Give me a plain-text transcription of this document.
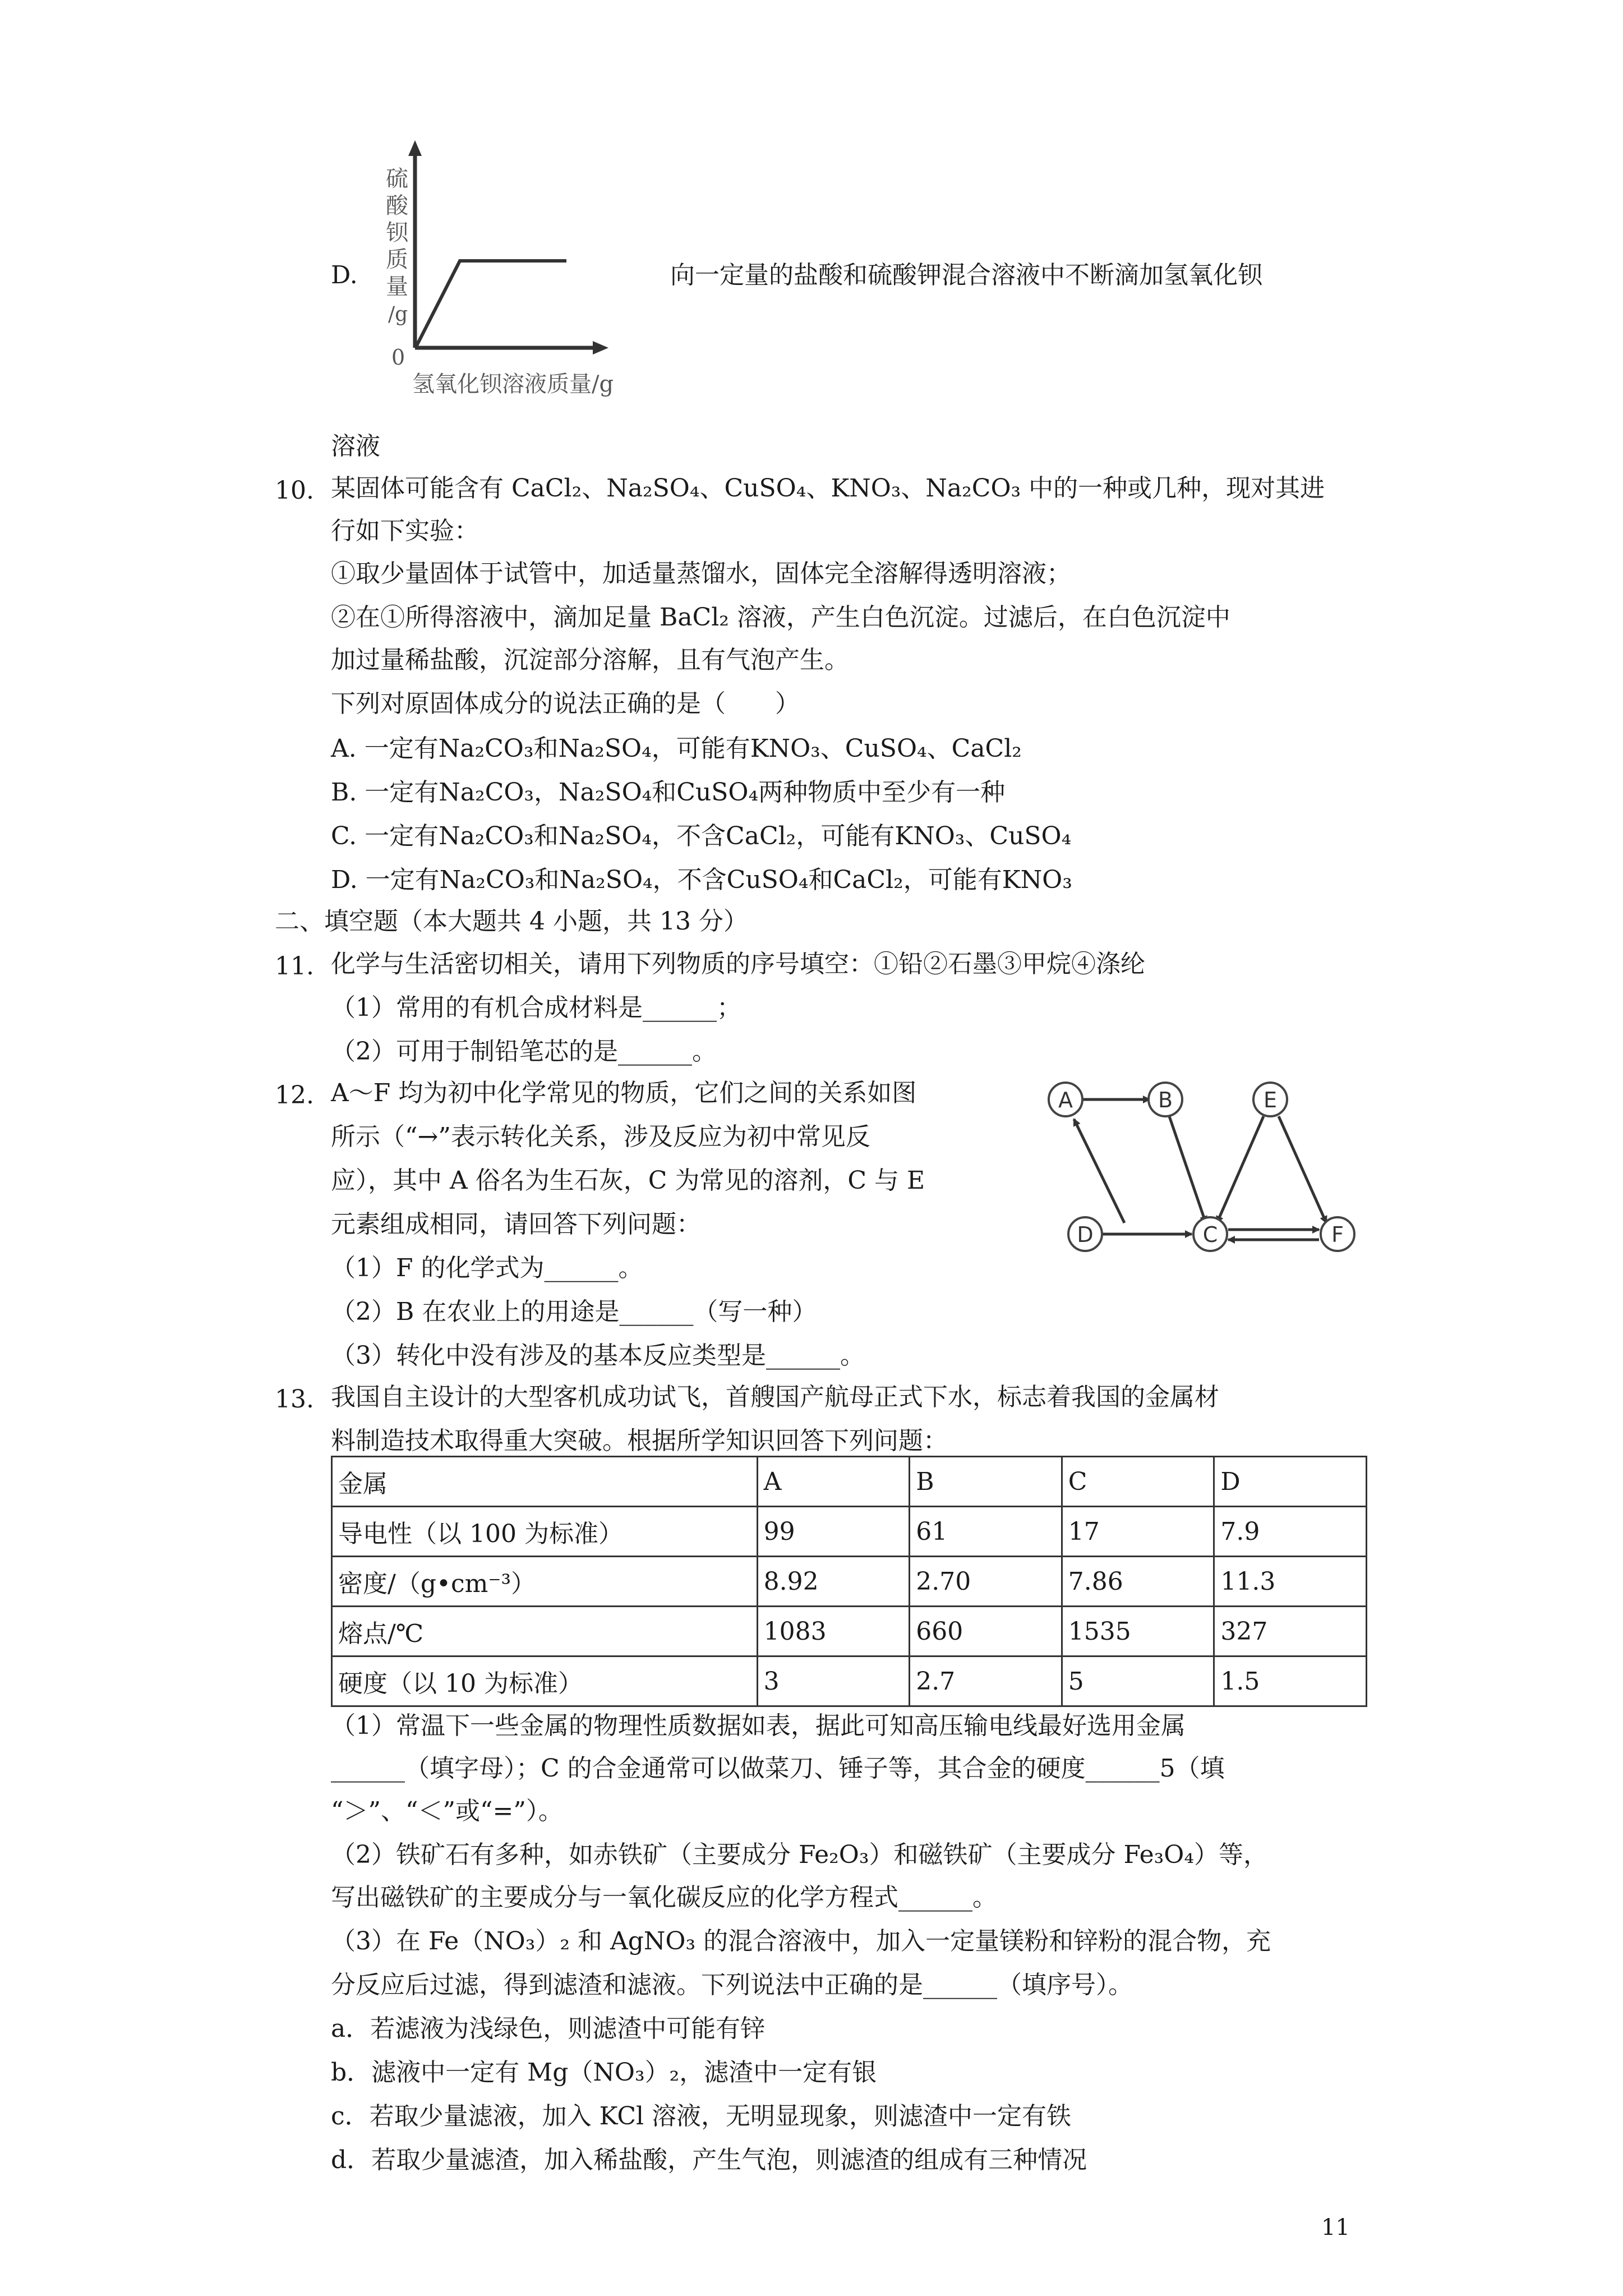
D.
硫
酸
钡
质
量
/g
0
氢氧化钡溶液质量/g
向一定量的盐酸和硫酸钾混合溶液中不断滴加氢氧化钡
溶液
10. 某固体可能含有 CaCl₂、Na₂SO₄、CuSO₄、KNO₃、Na₂CO₃ 中的一种或几种，现对其进
行如下实验：
①取少量固体于试管中，加适量蒸馏水，固体完全溶解得透明溶液；
②在①所得溶液中，滴加足量 BaCl₂ 溶液，产生白色沉淀。过滤后，在白色沉淀中
加过量稀盐酸，沉淀部分溶解，且有气泡产生。
下列对原固体成分的说法正确的是（　　）
A. 一定有Na₂CO₃和Na₂SO₄，可能有KNO₃、CuSO₄、CaCl₂
B. 一定有Na₂CO₃，Na₂SO₄和CuSO₄两种物质中至少有一种
C. 一定有Na₂CO₃和Na₂SO₄，不含CaCl₂，可能有KNO₃、CuSO₄
D. 一定有Na₂CO₃和Na₂SO₄，不含CuSO₄和CaCl₂，可能有KNO₃
二、填空题（本大题共 4 小题，共 13 分）
11. 化学与生活密切相关，请用下列物质的序号填空：①铅②石墨③甲烷④涤纶
（1）常用的有机合成材料是______；
（2）可用于制铅笔芯的是______。
12. A～F 均为初中化学常见的物质，它们之间的关系如图
所示（“→”表示转化关系，涉及反应为初中常见反
应），其中 A 俗名为生石灰，C 为常见的溶剂，C 与 E
元素组成相同，请回答下列问题：
（1）F 的化学式为______。
（2）B 在农业上的用途是______（写一种）
（3）转化中没有涉及的基本反应类型是______。
A	B	E
D	C	F
13. 我国自主设计的大型客机成功试飞，首艘国产航母正式下水，标志着我国的金属材
料制造技术取得重大突破。根据所学知识回答下列问题：
金属	A	B	C	D
导电性（以 100 为标准）	99	61	17	7.9
密度/（g•cm⁻³）	8.92	2.70	7.86	11.3
熔点/℃	1083	660	1535	327
硬度（以 10 为标准）	3	2.7	5	1.5
（1）常温下一些金属的物理性质数据如表，据此可知高压输电线最好选用金属
______（填字母）；C 的合金通常可以做菜刀、锤子等，其合金的硬度______5（填
“＞”、“＜”或“=”）。
（2）铁矿石有多种，如赤铁矿（主要成分 Fe₂O₃）和磁铁矿（主要成分 Fe₃O₄）等，
写出磁铁矿的主要成分与一氧化碳反应的化学方程式______。
（3）在 Fe（NO₃）₂ 和 AgNO₃ 的混合溶液中，加入一定量镁粉和锌粉的混合物，充
分反应后过滤，得到滤渣和滤液。下列说法中正确的是______（填序号）。
a．若滤液为浅绿色，则滤渣中可能有锌
b．滤液中一定有 Mg（NO₃）₂，滤渣中一定有银
c．若取少量滤液，加入 KCl 溶液，无明显现象，则滤渣中一定有铁
d．若取少量滤渣，加入稀盐酸，产生气泡，则滤渣的组成有三种情况
11
